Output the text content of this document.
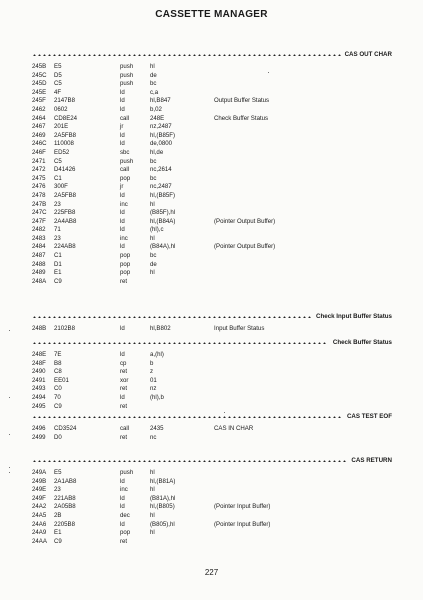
CASSETTE MANAGER
CAS OUT CHAR
245B E5	push	hl
245C D5	push	de
245D C5	push	bc
245E 4F	ld	c,a
245F 2147B8	ld	hl,B847	Output Buffer Status
2462 0602	ld	b,02
2464 CD8E24	call	248E	Check Buffer Status
2467 201E	jr	nz,2487
2469 2A5FB8	ld	hl,(B85F)
246C 110008	ld	de,0800
246F ED52	sbc	hl,de
2471 C5	push	bc
2472 D41426	call	nc,2614
2475 C1	pop	bc
2476 300F	jr	nc,2487
2478 2A5FB8	ld	hl,(B85F)
247B 23	inc	hl
247C 225FB8	ld	(B85F),hl
247F 2A4AB8	ld	hl,(B84A)	(Pointer Output Buffer)
2482 71	ld	(hl),c
2483 23	inc	hl
2484 224AB8	ld	(B84A),hl	(Pointer Output Buffer)
2487 C1	pop	bc
2488 D1	pop	de
2489 E1	pop	hl
248A C9	ret
Check Input Buffer Status
248B 2102B8	ld	hl,B802	Input Buffer Status
Check Buffer Status
248E 7E	ld	a,(hl)
248F B8	cp	b
2490 C8	ret	z
2491 EE01	xor	01
2493 C0	ret	nz
2494 70	ld	(hl),b
2495 C9	ret
CAS TEST EOF
2496 CD3524	call	2435	CAS IN CHAR
2499 D0	ret	nc
CAS RETURN
249A E5	push	hl
249B 2A1AB8	ld	hl,(B81A)
249E 23	inc	hl
249F 221AB8	ld	(B81A),hl
24A2 2A05B8	ld	hl,(B805)	(Pointer Input Buffer)
24A5 2B	dec	hl
24A6 2205B8	ld	(B805),hl	(Pointer Input Buffer)
24A9 E1	pop	hl
24AA C9	ret
227
